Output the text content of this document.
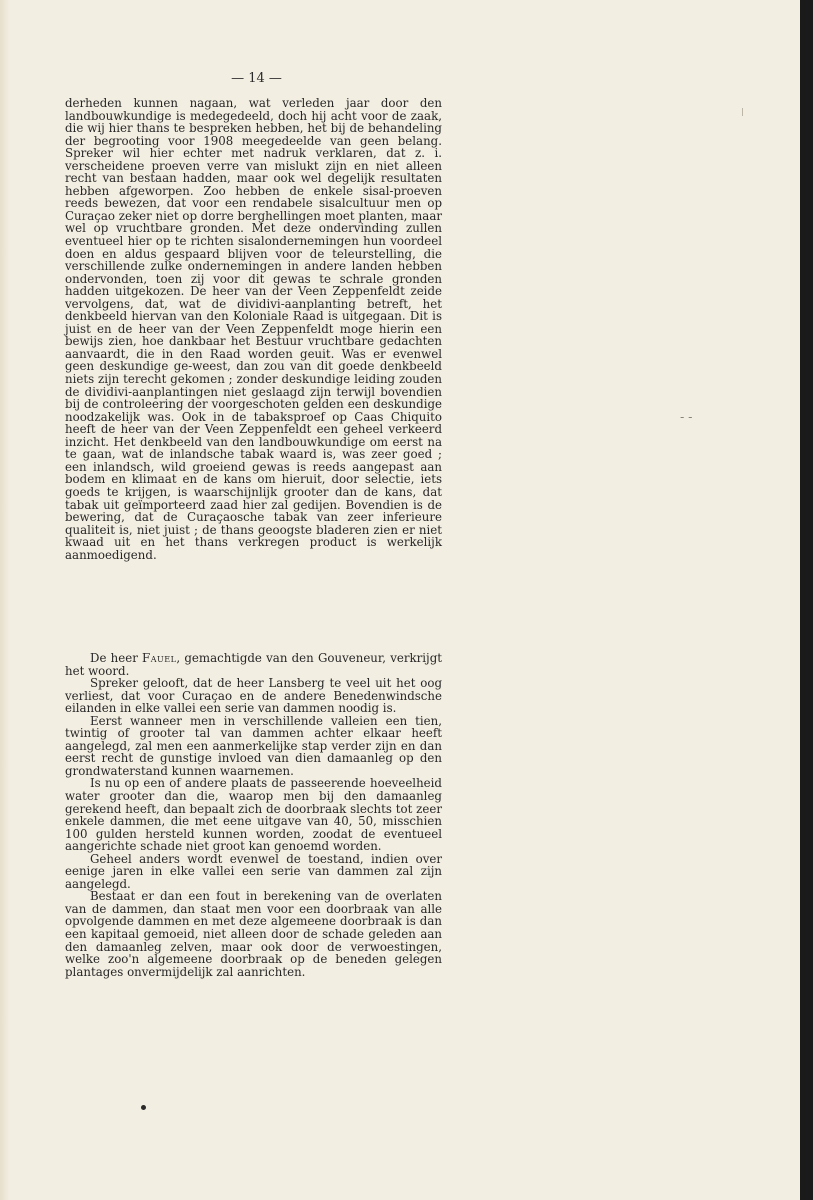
— 14 —

derheden kunnen nagaan, wat verleden jaar door den landbouwkundige is medegedeeld, doch hij acht voor de zaak, die wij hier thans te bespreken hebben, het bij de behandeling der begrooting voor 1908 meegedeelde van geen belang. Spreker wil hier echter met nadruk verklaren, dat z. i. verscheidene proeven verre van mislukt zijn en niet alleen recht van bestaan hadden, maar ook wel degelijk resultaten hebben afgeworpen. Zoo hebben de enkele sisal-proeven reeds bewezen, dat voor een rendabele sisalcultuur men op Curaçao zeker niet op dorre berghellingen moet planten, maar wel op vruchtbare gronden. Met deze ondervinding zullen eventueel hier op te richten sisalondernemingen hun voordeel doen en aldus gespaard blijven voor de teleurstelling, die verschillende zulke ondernemingen in andere landen hebben ondervonden, toen zij voor dit gewas te schrale gronden hadden uitgekozen. De heer van der Veen Zeppenfeldt zeide vervolgens, dat, wat de dividivi-aanplanting betreft, het denkbeeld hiervan van den Koloniale Raad is uitgegaan. Dit is juist en de heer van der Veen Zeppenfeldt moge hierin een bewijs zien, hoe dankbaar het Bestuur vruchtbare gedachten aanvaardt, die in den Raad worden geuit. Was er evenwel geen deskundige ge-weest, dan zou van dit goede denkbeeld niets zijn terecht gekomen ; zonder deskundige leiding zouden de dividivi-aanplantingen niet geslaagd zijn terwijl bovendien bij de controleering der voorgeschoten gelden een deskundige noodzakelijk was. Ook in de tabaksproef op Caas Chiquito heeft de heer van der Veen Zeppenfeldt een geheel verkeerd inzicht. Het denkbeeld van den landbouwkundige om eerst na te gaan, wat de inlandsche tabak waard is, was zeer goed ; een inlandsch, wild groeiend gewas is reeds aangepast aan bodem en klimaat en de kans om hieruit, door selectie, iets goeds te krijgen, is waarschijnlijk grooter dan de kans, dat tabak uit geïmporteerd zaad hier zal gedijen. Bovendien is de bewering, dat de Curaçaosche tabak van zeer inferieure qualiteit is, niet juist ; de thans geoogste bladeren zien er niet kwaad uit en het thans verkregen product is werkelijk aanmoedigend.

De heer Fauel, gemachtigde van den Gouveneur, verkrijgt het woord.

Spreker gelooft, dat de heer Lansberg te veel uit het oog verliest, dat voor Curaçao en de andere Benedenwindsche eilanden in elke vallei een serie van dammen noodig is.

Eerst wanneer men in verschillende valleien een tien, twintig of grooter tal van dammen achter elkaar heeft aangelegd, zal men een aanmerkelijke stap verder zijn en dan eerst recht de gunstige invloed van dien damaanleg op den grondwaterstand kunnen waarnemen.

Is nu op een of andere plaats de passeerende hoeveelheid water grooter dan die, waarop men bij den damaanleg gerekend heeft, dan bepaalt zich de doorbraak slechts tot zeer enkele dammen, die met eene uitgave van 40, 50, misschien 100 gulden hersteld kunnen worden, zoodat de eventueel aangerichte schade niet groot kan genoemd worden.

Geheel anders wordt evenwel de toestand, indien over eenige jaren in elke vallei een serie van dammen zal zijn aangelegd.

Bestaat er dan een fout in berekening van de overlaten van de dammen, dan staat men voor een doorbraak van alle opvolgende dammen en met deze algemeene doorbraak is dan een kapitaal gemoeid, niet alleen door de schade geleden aan den damaanleg zelven, maar ook door de verwoestingen, welke zoo'n algemeene doorbraak op de beneden gelegen plantages onvermijdelijk zal aanrichten.

- -
